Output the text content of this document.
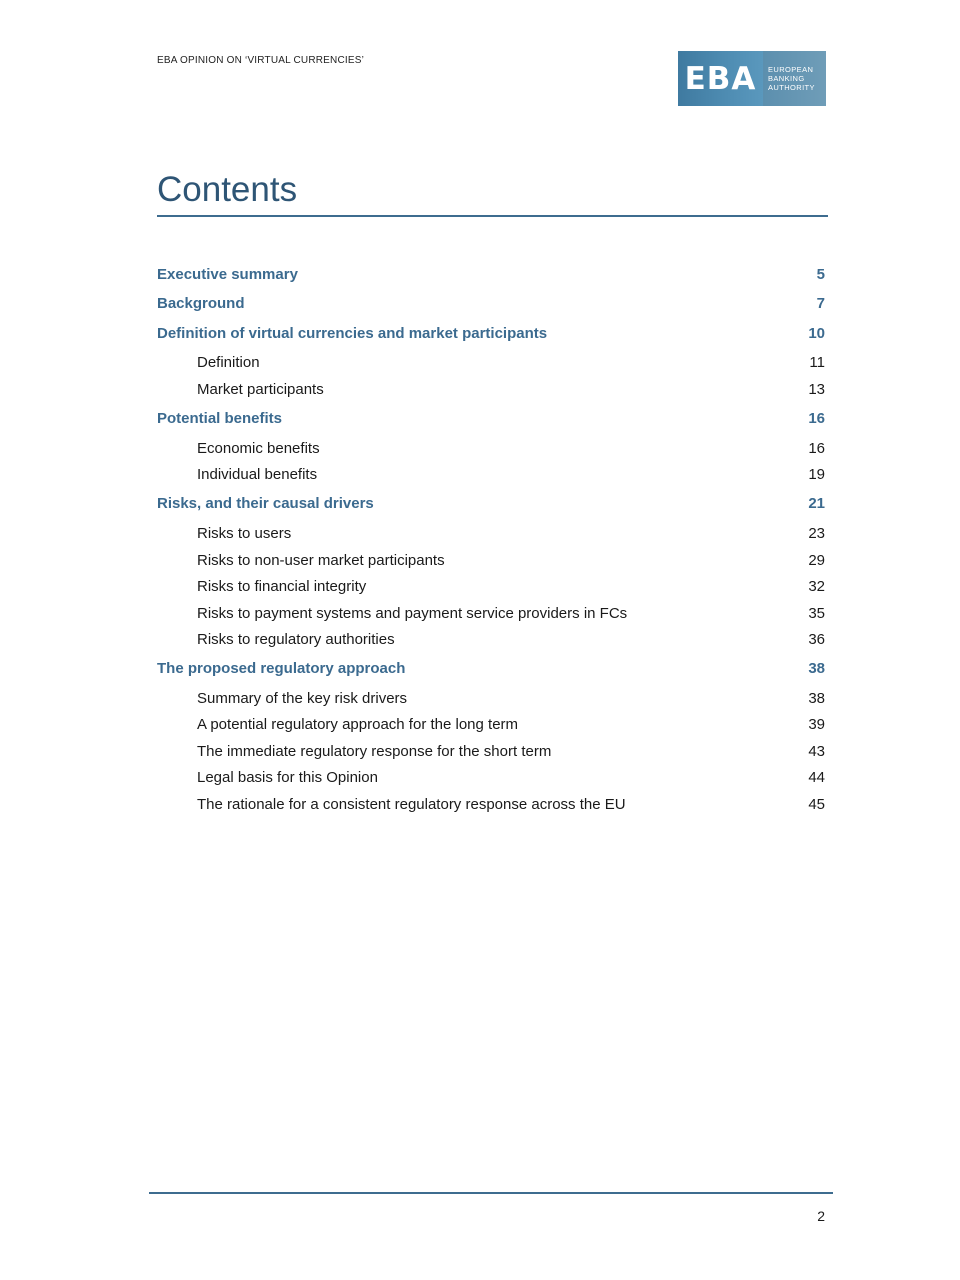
EBA OPINION ON ‘VIRTUAL CURRENCIES’	EBA EUROPEAN
BANKING
AUTHORITY
Contents
Executive summary	5
Background	7
Definition of virtual currencies and market participants	10
Definition	11
Market participants	13
Potential benefits	16
Economic benefits	16
Individual benefits	19
Risks, and their causal drivers	21
Risks to users	23
Risks to non-user market participants	29
Risks to financial integrity	32
Risks to payment systems and payment service providers in FCs	35
Risks to regulatory authorities	36
The proposed regulatory approach	38
Summary of the key risk drivers	38
A potential regulatory approach for the long term	39
The immediate regulatory response for the short term	43
Legal basis for this Opinion	44
The rationale for a consistent regulatory response across the EU	45
2
